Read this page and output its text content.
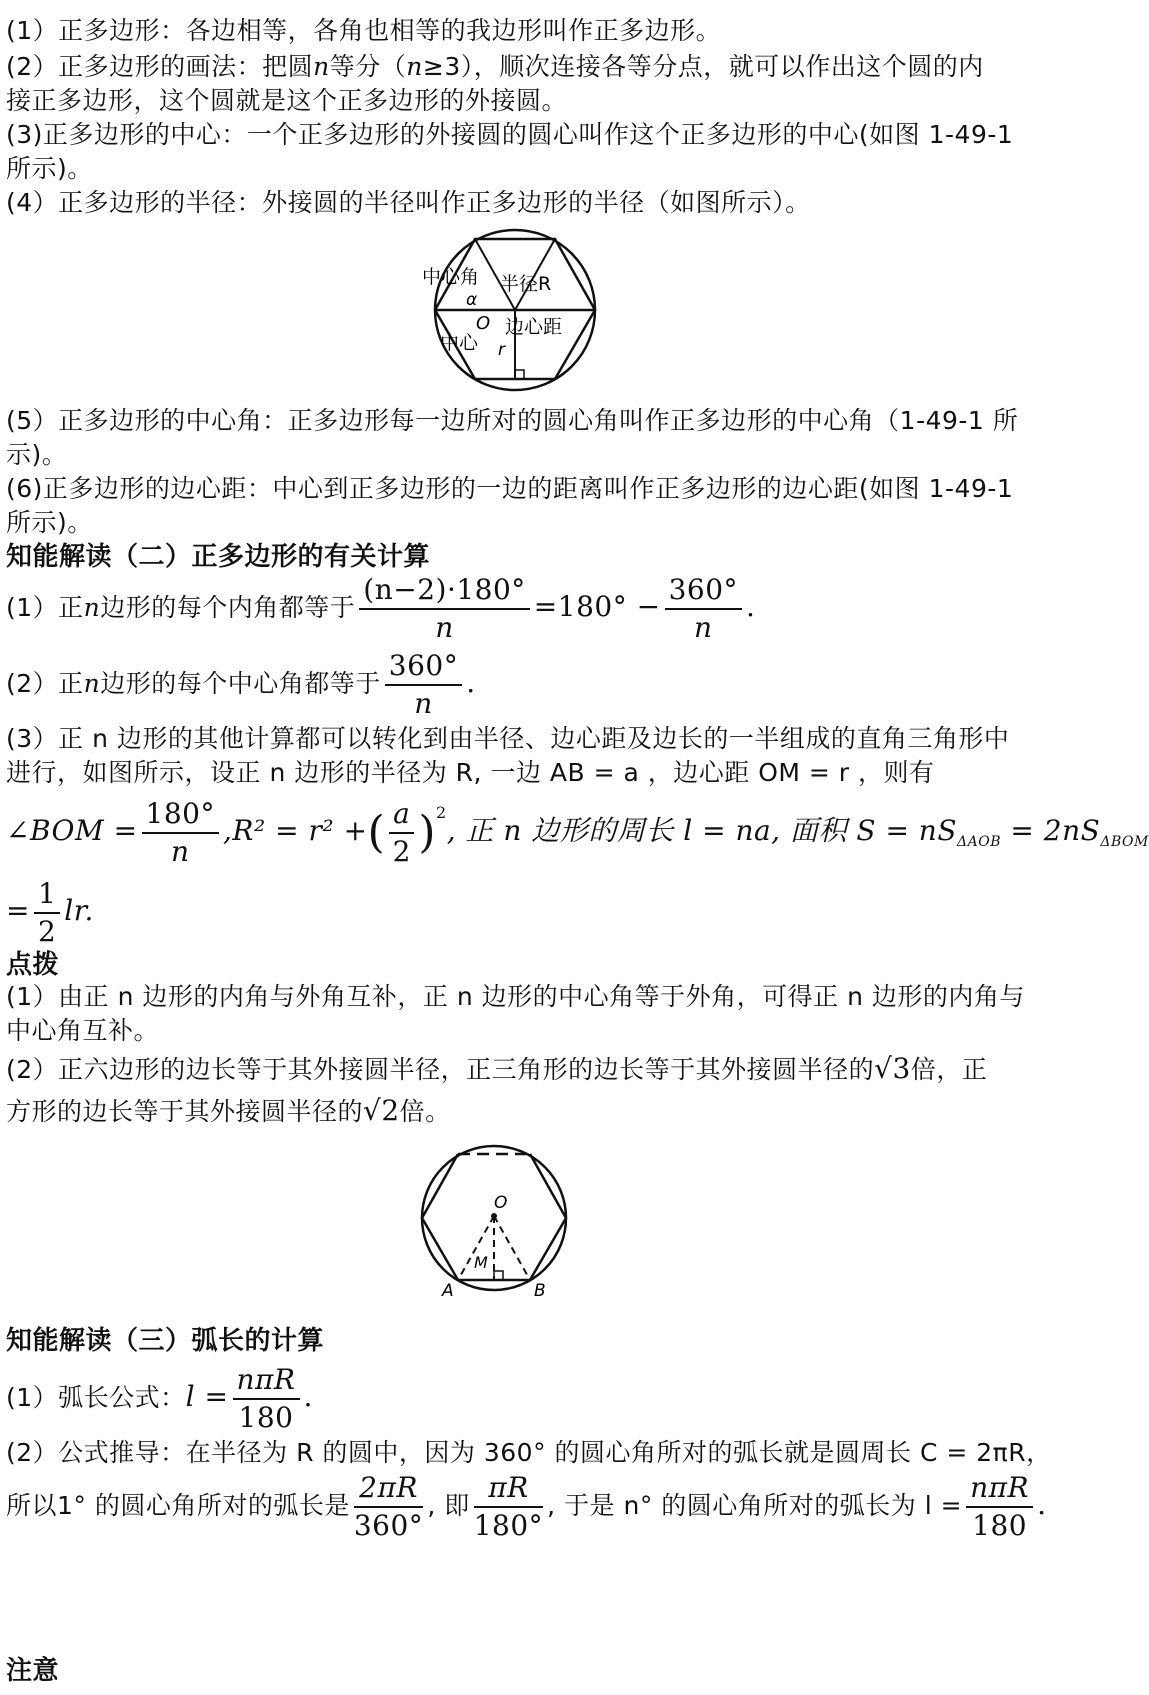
(1）正多边形：各边相等，各角也相等的我边形叫作正多边形。
(2）正多边形的画法：把圆n等分（n≥3），顺次连接各等分点，就可以作出这个圆的内
接正多边形，这个圆就是这个正多边形的外接圆。
(3)正多边形的中心：一个正多边形的外接圆的圆心叫作这个正多边形的中心(如图 1-49-1
所示)。
(4）正多边形的半径：外接圆的半径叫作正多边形的半径（如图所示）。
中心角
α
半径R
O 边心距
中心 r
(5）正多边形的中心角：正多边形每一边所对的圆心角叫作正多边形的中心角（1-49-1 所
示)。
(6)正多边形的边心距：中心到正多边形的一边的距离叫作正多边形的边心距(如图 1-49-1
所示)。
知能解读（二）正多边形的有关计算
(1）正n边形的每个内角都等于 $\frac{(n-2)\cdot 180^\circ}{n} =180^\circ - \frac{360^\circ}{n}$ .
(2）正n边形的每个中心角都等于 $\frac{360^\circ}{n}$ .
(3）正 n 边形的其他计算都可以转化到由半径、边心距及边长的一半组成的直角三角形中
进行，如图所示，设正 n 边形的半径为 R, 一边 AB = a ，边心距 OM = r ，则有
∠BOM = $\frac{180^\circ}{n} ,R^2 = r^2$ +( $\frac{a}{2} )^2$, 正 n 边形的周长 l = na, 面积 $S = nS_{\Delta AOB} = 2nS_{\Delta BOM}$
= $\frac{1}{2}$ lr.
点拨
(1）由正 n 边形的内角与外角互补，正 n 边形的中心角等于外角，可得正 n 边形的内角与
中心角互补。
(2）正六边形的边长等于其外接圆半径，正三角形的边长等于其外接圆半径的√3倍，正
方形的边长等于其外接圆半径的√2倍。
O
M
A	B
知能解读（三）弧长的计算
(1）弧长公式：$l = \frac{\text{nπR}}{180}$ .
(2）公式推导：在半径为 R 的圆中，因为 360° 的圆心角所对的弧长就是圆周长 C = 2πR，
所以1° 的圆心角所对的弧长是 $\frac{2\pi R}{360^\circ}$ , 即 $\frac{\pi R}{180^\circ}$ , 于是 n° 的圆心角所对的弧长为 $l = \frac{\text{nπR}}{180}$ .
注意
